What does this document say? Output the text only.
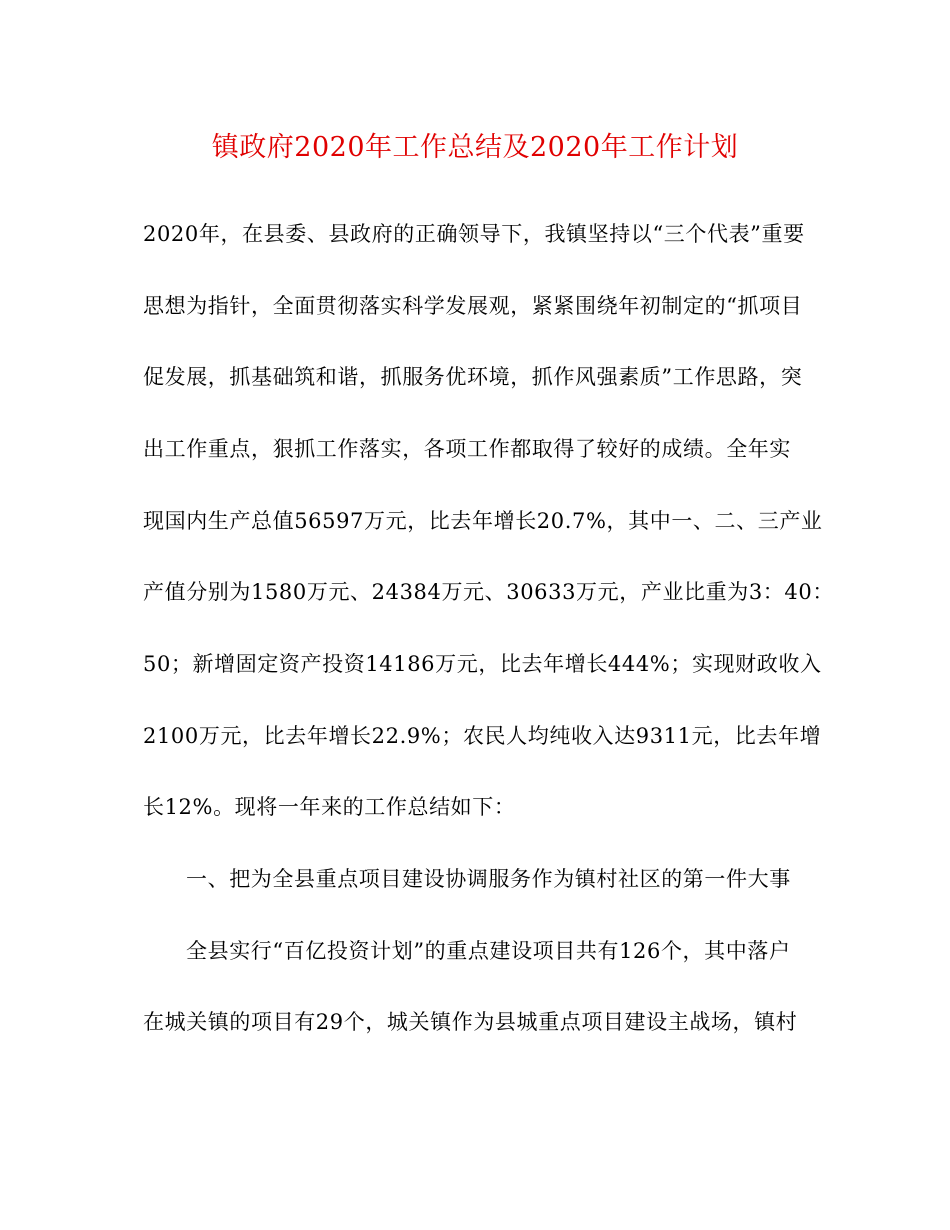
镇政府2020年工作总结及2020年工作计划
2020年，在县委、县政府的正确领导下，我镇坚持以“三个代表”重要
思想为指针，全面贯彻落实科学发展观，紧紧围绕年初制定的“抓项目
促发展，抓基础筑和谐，抓服务优环境，抓作风强素质”工作思路，突
出工作重点，狠抓工作落实，各项工作都取得了较好的成绩。全年实
现国内生产总值56597万元，比去年增长20.7%，其中一、二、三产业
产值分别为1580万元、24384万元、30633万元，产业比重为3：40：
50；新增固定资产投资14186万元，比去年增长444%；实现财政收入
2100万元，比去年增长22.9%；农民人均纯收入达9311元，比去年增
长12%。现将一年来的工作总结如下：
一、把为全县重点项目建设协调服务作为镇村社区的第一件大事
全县实行“百亿投资计划”的重点建设项目共有126个，其中落户
在城关镇的项目有29个，城关镇作为县城重点项目建设主战场，镇村
